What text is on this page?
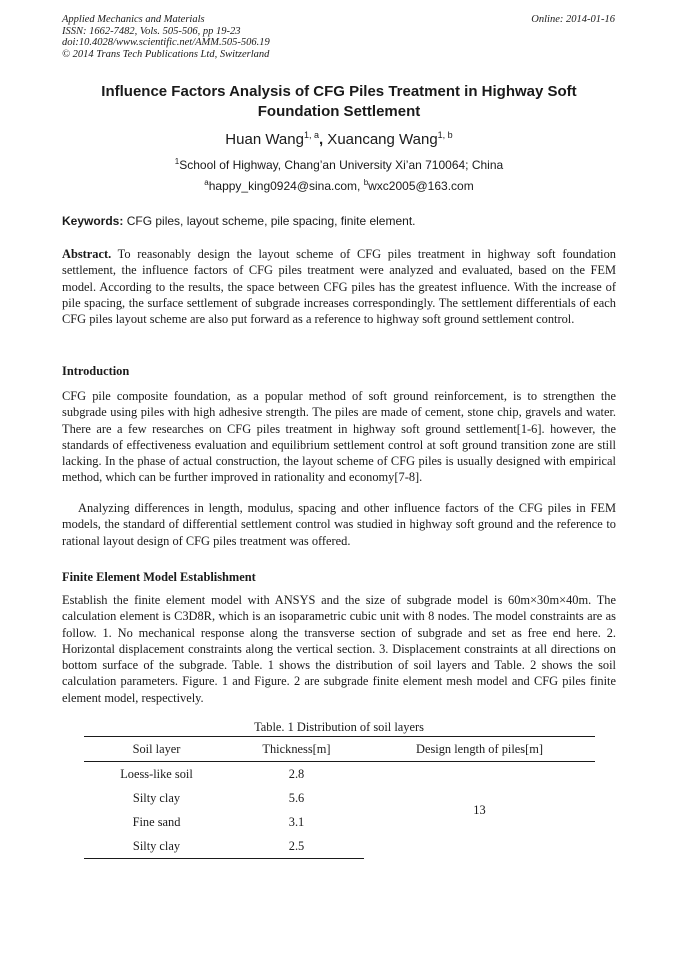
Applied Mechanics and Materials
ISSN: 1662-7482, Vols. 505-506, pp 19-23
doi:10.4028/www.scientific.net/AMM.505-506.19
© 2014 Trans Tech Publications Ltd, Switzerland
Online: 2014-01-16
Influence Factors Analysis of CFG Piles Treatment in Highway Soft
Foundation Settlement
Huan Wang$^{1, a}$, Xuancang Wang$^{1, b}$
$^1$School of Highway, Chang’an University Xi’an 710064; China
$^a$happy_king0924@sina.com, $^b$wxc2005@163.com
Keywords: CFG piles, layout scheme, pile spacing, finite element.
Abstract. To reasonably design the layout scheme of CFG piles treatment in highway soft foundation settlement, the influence factors of CFG piles treatment were analyzed and evaluated, based on the FEM model. According to the results, the space between CFG piles has the greatest influence. With the increase of pile spacing, the surface settlement of subgrade increases correspondingly. The settlement differentials of each CFG piles layout scheme are also put forward as a reference to highway soft ground settlement control.
Introduction
CFG pile composite foundation, as a popular method of soft ground reinforcement, is to strengthen the subgrade using piles with high adhesive strength. The piles are made of cement, stone chip, gravels and water. There are a few researches on CFG piles treatment in highway soft ground settlement[1-6]. however, the standards of effectiveness evaluation and equilibrium settlement control at soft ground transition zone are still lacking. In the phase of actual construction, the layout scheme of CFG piles is usually designed with empirical method, which can be further improved in rationality and economy[7-8].
Analyzing differences in length, modulus, spacing and other influence factors of the CFG piles in FEM models, the standard of differential settlement control was studied in highway soft ground and the reference to rational layout design of CFG piles treatment was offered.
Finite Element Model Establishment
Establish the finite element model with ANSYS and the size of subgrade model is 60m×30m×40m. The calculation element is C3D8R, which is an isoparametric cubic unit with 8 nodes. The model constraints are as follow. 1. No mechanical response along the transverse section of subgrade and set as free end here. 2. Horizontal displacement constraints along the vertical section. 3. Displacement constraints at all directions on bottom surface of the subgrade. Table. 1 shows the distribution of soil layers and Table. 2 shows the soil calculation parameters. Figure. 1 and Figure. 2 are subgrade finite element mesh model and CFG piles finite element model, respectively.
Table. 1 Distribution of soil layers
Soil layer	Thickness[m]	Design length of piles[m]
Loess-like soil	2.8	13
Silty clay	5.6	
Fine sand	3.1	
Silty clay	2.5	
